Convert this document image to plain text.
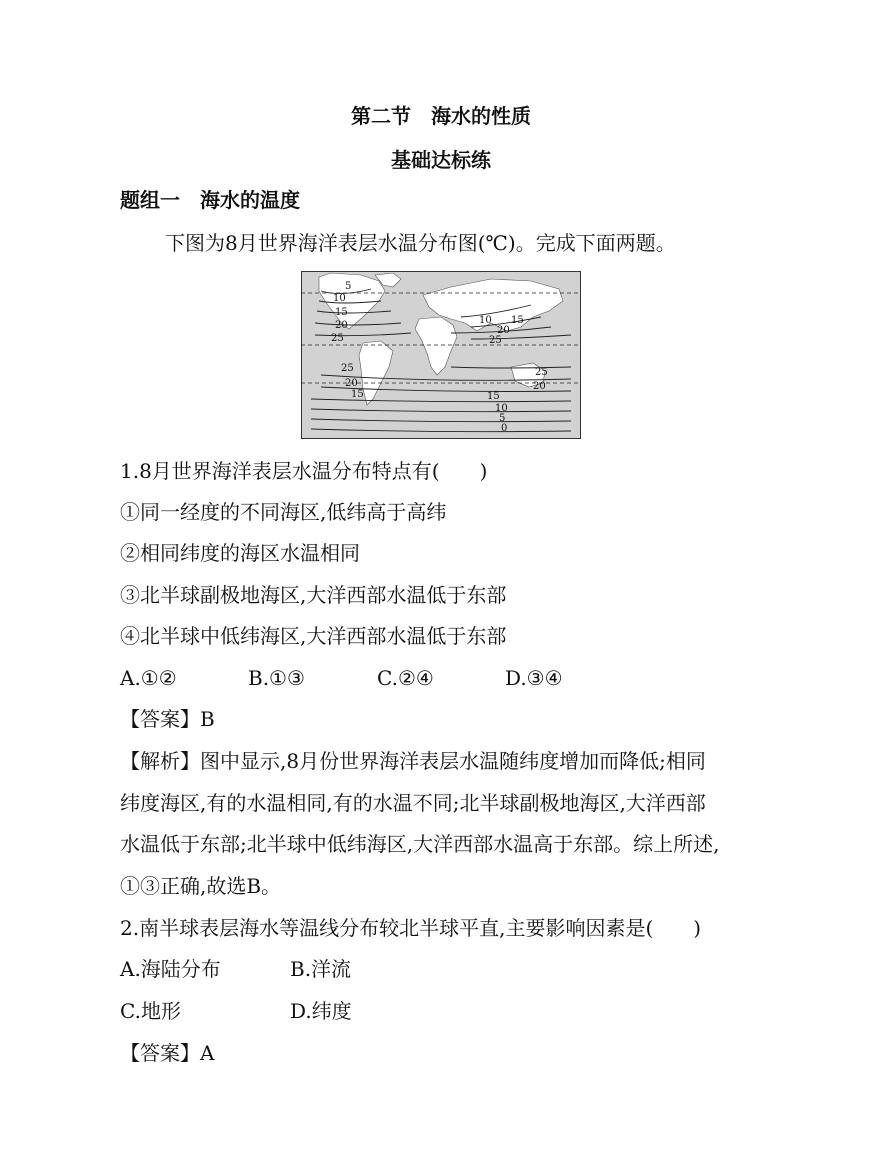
第二节　海水的性质
基础达标练
题组一　海水的温度
下图为8月世界海洋表层水温分布图(℃)。完成下面两题。
5
10
15
20
25
10 15
20
25
25
20
15
25
20
15
10
5
0
1.8月世界海洋表层水温分布特点有(　　)
①同一经度的不同海区,低纬高于高纬
②相同纬度的海区水温相同
③北半球副极地海区,大洋西部水温低于东部
④北半球中低纬海区,大洋西部水温低于东部
A.①②	B.①③	C.②④	D.③④
【答案】B
【解析】图中显示,8月份世界海洋表层水温随纬度增加而降低;相同
纬度海区,有的水温相同,有的水温不同;北半球副极地海区,大洋西部
水温低于东部;北半球中低纬海区,大洋西部水温高于东部。综上所述,
①③正确,故选B。
2.南半球表层海水等温线分布较北半球平直,主要影响因素是(　　)
A.海陆分布	B.洋流
C.地形	D.纬度
【答案】A
